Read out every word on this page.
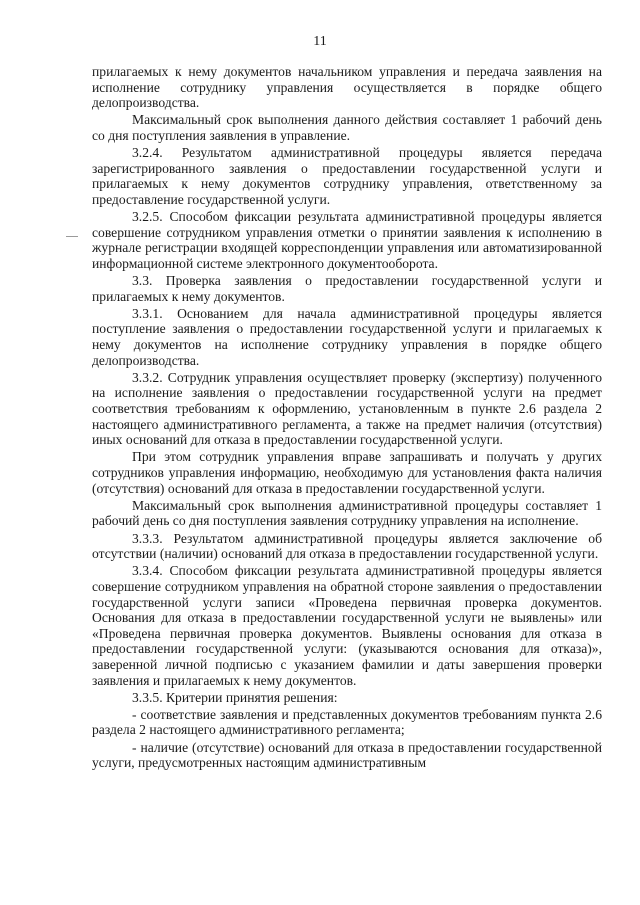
11

прилагаемых к нему документов начальником управления и передача заявления на исполнение сотруднику управления осуществляется в порядке общего делопроизводства.

Максимальный срок выполнения данного действия составляет 1 рабочий день со дня поступления заявления в управление.

3.2.4. Результатом административной процедуры является передача зарегистрированного заявления о предоставлении государственной услуги и прилагаемых к нему документов сотруднику управления, ответственному за предоставление государственной услуги.

3.2.5. Способом фиксации результата административной процедуры является совершение сотрудником управления отметки о принятии заявления к исполнению в журнале регистрации входящей корреспонденции управления или автоматизированной информационной системе электронного документооборота.

3.3. Проверка заявления о предоставлении государственной услуги и прилагаемых к нему документов.

3.3.1. Основанием для начала административной процедуры является поступление заявления о предоставлении государственной услуги и прилагаемых к нему документов на исполнение сотруднику управления в порядке общего делопроизводства.

3.3.2. Сотрудник управления осуществляет проверку (экспертизу) полученного на исполнение заявления о предоставлении государственной услуги на предмет соответствия требованиям к оформлению, установленным в пункте 2.6 раздела 2 настоящего административного регламента, а также на предмет наличия (отсутствия) иных оснований для отказа в предоставлении государственной услуги.

При этом сотрудник управления вправе запрашивать и получать у других сотрудников управления информацию, необходимую для установления факта наличия (отсутствия) оснований для отказа в предоставлении государственной услуги.

Максимальный срок выполнения административной процедуры составляет 1 рабочий день со дня поступления заявления сотруднику управления на исполнение.

3.3.3. Результатом административной процедуры является заключение об отсутствии (наличии) оснований для отказа в предоставлении государственной услуги.

3.3.4. Способом фиксации результата административной процедуры является совершение сотрудником управления на обратной стороне заявления о предоставлении государственной услуги записи «Проведена первичная проверка документов. Основания для отказа в предоставлении государственной услуги не выявлены» или «Проведена первичная проверка документов. Выявлены основания для отказа в предоставлении государственной услуги: (указываются основания для отказа)», заверенной личной подписью с указанием фамилии и даты завершения проверки заявления и прилагаемых к нему документов.

3.3.5. Критерии принятия решения:

- соответствие заявления и представленных документов требованиям пункта 2.6 раздела 2 настоящего административного регламента;

- наличие (отсутствие) оснований для отказа в предоставлении государственной услуги, предусмотренных настоящим административным
